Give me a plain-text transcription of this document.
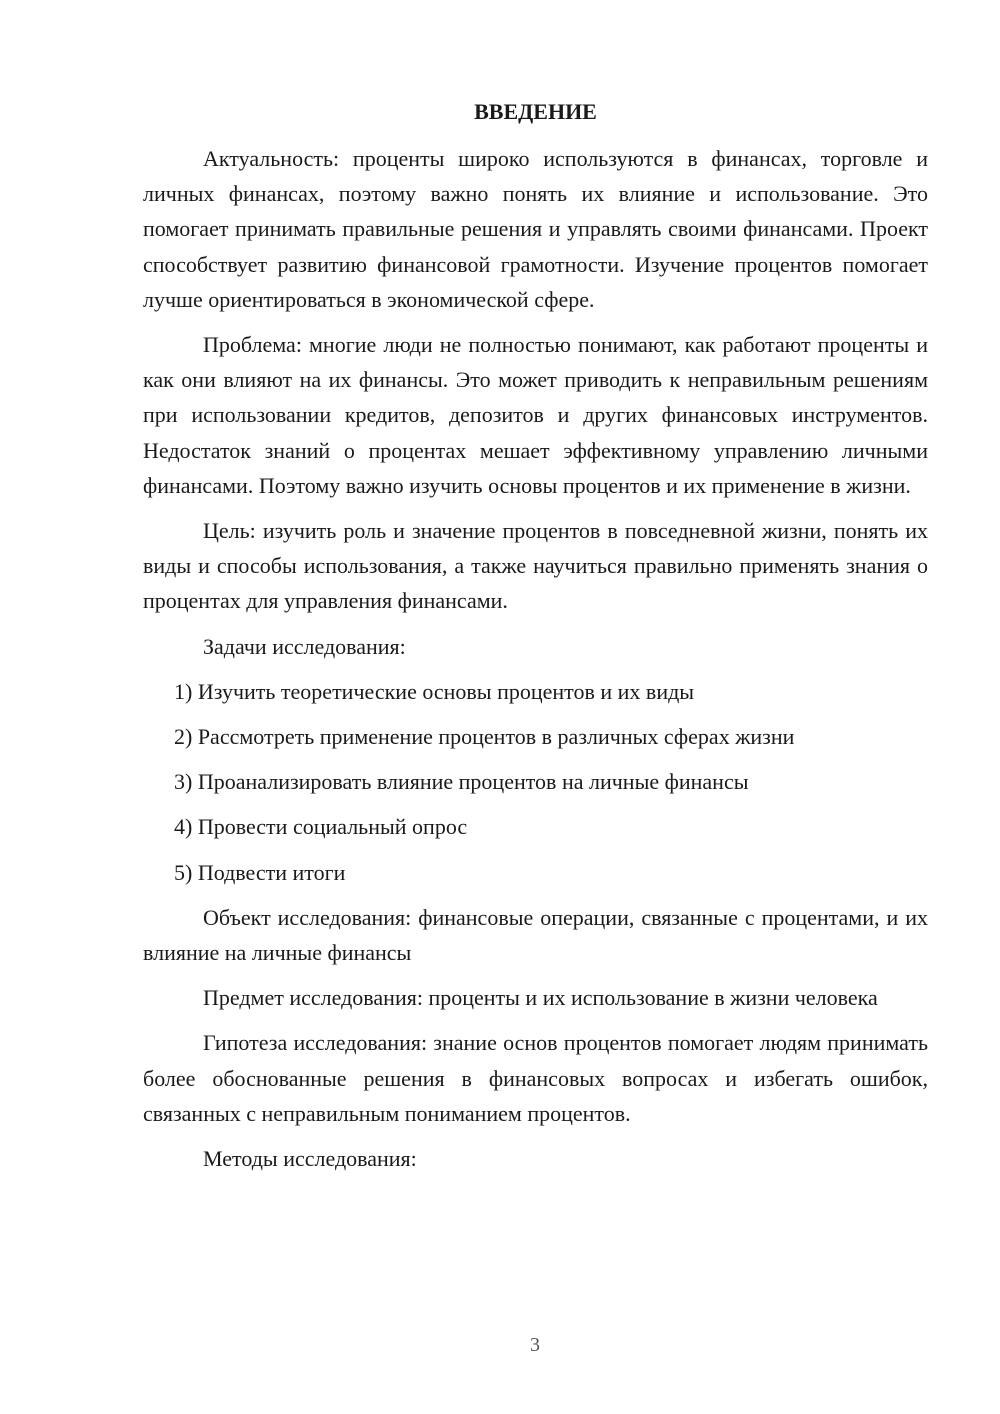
ВВЕДЕНИЕ

Актуальность: проценты широко используются в финансах, торговле и личных финансах, поэтому важно понять их влияние и использование. Это помогает принимать правильные решения и управлять своими финансами. Проект способствует развитию финансовой грамотности. Изучение процентов помогает лучше ориентироваться в экономической сфере.

Проблема: многие люди не полностью понимают, как работают проценты и как они влияют на их финансы. Это может приводить к неправильным решениям при использовании кредитов, депозитов и других финансовых инструментов. Недостаток знаний о процентах мешает эффективному управлению личными финансами. Поэтому важно изучить основы процентов и их применение в жизни.

Цель: изучить роль и значение процентов в повседневной жизни, понять их виды и способы использования, а также научиться правильно применять знания о процентах для управления финансами.

Задачи исследования:

1) Изучить теоретические основы процентов и их виды
2) Рассмотреть применение процентов в различных сферах жизни
3) Проанализировать влияние процентов на личные финансы
4) Провести социальный опрос
5) Подвести итоги

Объект исследования: финансовые операции, связанные с процентами, и их влияние на личные финансы

Предмет исследования: проценты и их использование в жизни человека

Гипотеза исследования: знание основ процентов помогает людям принимать более обоснованные решения в финансовых вопросах и избегать ошибок, связанных с неправильным пониманием процентов.

Методы исследования:

3
